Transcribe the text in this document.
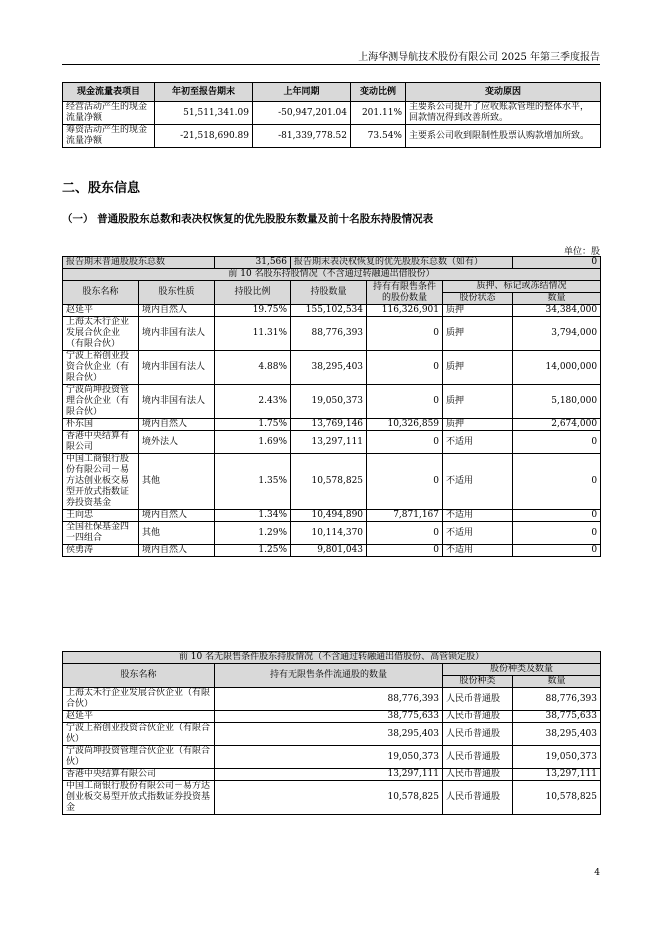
上海华测导航技术股份有限公司 2025 年第三季度报告
现金流量表项目	年初至报告期末	上年同期	变动比例	变动原因
经营活动产生的现金流量净额	51,511,341.09	-50,947,201.04	201.11%	主要系公司提升了应收账款管理的整体水平，回款情况得到改善所致。
筹资活动产生的现金流量净额	-21,518,690.89	-81,339,778.52	73.54%	主要系公司收到限制性股票认购款增加所致。
二、股东信息
（一） 普通股股东总数和表决权恢复的优先股股东数量及前十名股东持股情况表
单位：股
报告期末普通股股东总数		31,566	报告期末表决权恢复的优先股股东总数（如有）			0
前 10 名股东持股情况（不含通过转融通出借股份）						
股东名称	股东性质	持股比例	持股数量	持有有限售条件的股份数量	质押、标记或冻结情况	
					股份状态	数量
赵延平	境内自然人	19.75%	155,102,534	116,326,901	质押	34,384,000
上海太禾行企业发展合伙企业（有限合伙）	境内非国有法人	11.31%	88,776,393	0	质押	3,794,000
宁波上裕创业投资合伙企业（有限合伙）	境内非国有法人	4.88%	38,295,403	0	质押	14,000,000
宁波尚坤投资管理合伙企业（有限合伙）	境内非国有法人	2.43%	19,050,373	0	质押	5,180,000
朴东国	境内自然人	1.75%	13,769,146	10,326,859	质押	2,674,000
香港中央结算有限公司	境外法人	1.69%	13,297,111	0	不适用	0
中国工商银行股份有限公司－易方达创业板交易型开放式指数证券投资基金	其他	1.35%	10,578,825	0	不适用	0
王向忠	境内自然人	1.34%	10,494,890	7,871,167	不适用	0
全国社保基金四一四组合	其他	1.29%	10,114,370	0	不适用	0
侯勇涛	境内自然人	1.25%	9,801,043	0	不适用	0
前 10 名无限售条件股东持股情况（不含通过转融通出借股份、高管锁定股）			
股东名称	持有无限售条件流通股的数量	股份种类及数量	
		股份种类	数量
上海太禾行企业发展合伙企业（有限合伙）	88,776,393	人民币普通股	88,776,393
赵延平	38,775,633	人民币普通股	38,775,633
宁波上裕创业投资合伙企业（有限合伙）	38,295,403	人民币普通股	38,295,403
宁波尚坤投资管理合伙企业（有限合伙）	19,050,373	人民币普通股	19,050,373
香港中央结算有限公司	13,297,111	人民币普通股	13,297,111
中国工商银行股份有限公司－易方达创业板交易型开放式指数证券投资基金	10,578,825	人民币普通股	10,578,825
4
